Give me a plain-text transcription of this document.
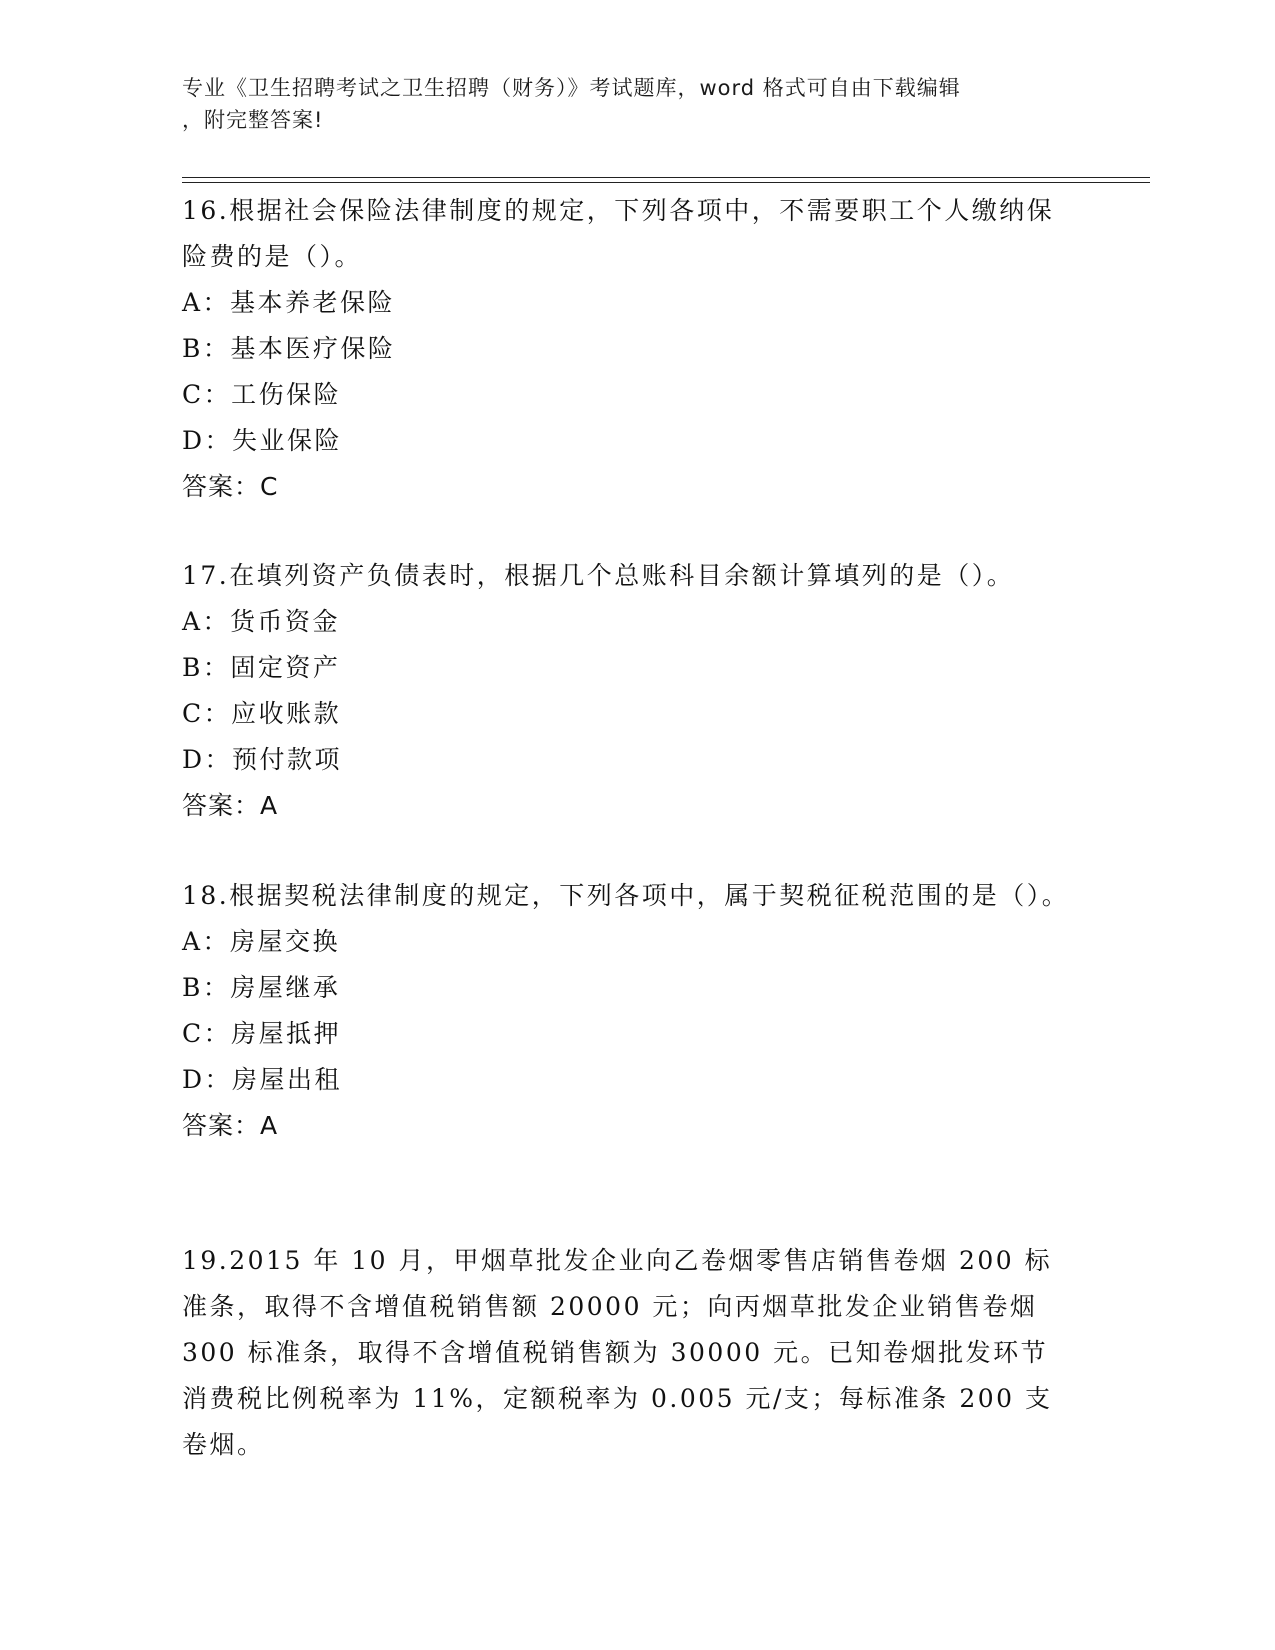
专业《卫生招聘考试之卫生招聘（财务）》考试题库，word 格式可自由下载编辑

，附完整答案!

16.根据社会保险法律制度的规定，下列各项中，不需要职工个人缴纳保险费的是（）。

A：基本养老保险

B：基本医疗保险

C：工伤保险

D：失业保险

答案：C

17.在填列资产负债表时，根据几个总账科目余额计算填列的是（）。

A：货币资金

B：固定资产

C：应收账款

D：预付款项

答案：A

18.根据契税法律制度的规定，下列各项中，属于契税征税范围的是（）。

A：房屋交换

B：房屋继承

C：房屋抵押

D：房屋出租

答案：A

19.2015 年 10 月，甲烟草批发企业向乙卷烟零售店销售卷烟 200 标准条，取得不含增值税销售额 20000 元；向丙烟草批发企业销售卷烟 300 标准条，取得不含增值税销售额为 30000 元。已知卷烟批发环节消费税比例税率为 11%，定额税率为 0.005 元/支；每标准条 200 支卷烟。
